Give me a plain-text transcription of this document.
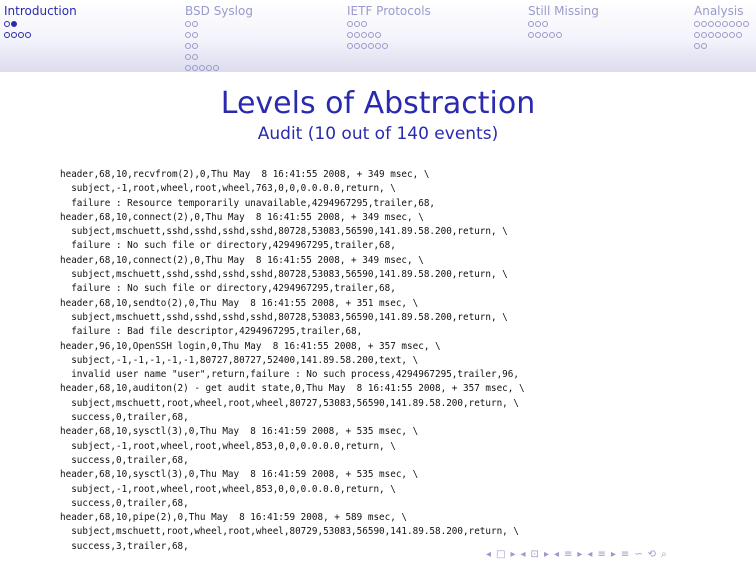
Introduction	BSD Syslog	IETF Protocols	Still Missing	Analysis
Levels of Abstraction
Audit (10 out of 140 events)
header,68,10,recvfrom(2),0,Thu May  8 16:41:55 2008, + 349 msec, \
subject,-1,root,wheel,root,wheel,763,0,0,0.0.0.0,return, \
failure : Resource temporarily unavailable,4294967295,trailer,68,
header,68,10,connect(2),0,Thu May  8 16:41:55 2008, + 349 msec, \
subject,mschuett,sshd,sshd,sshd,sshd,80728,53083,56590,141.89.58.200,return, \
failure : No such file or directory,4294967295,trailer,68,
header,68,10,connect(2),0,Thu May  8 16:41:55 2008, + 349 msec, \
subject,mschuett,sshd,sshd,sshd,sshd,80728,53083,56590,141.89.58.200,return, \
failure : No such file or directory,4294967295,trailer,68,
header,68,10,sendto(2),0,Thu May  8 16:41:55 2008, + 351 msec, \
subject,mschuett,sshd,sshd,sshd,sshd,80728,53083,56590,141.89.58.200,return, \
failure : Bad file descriptor,4294967295,trailer,68,
header,96,10,OpenSSH login,0,Thu May  8 16:41:55 2008, + 357 msec, \
subject,-1,-1,-1,-1,-1,80727,80727,52400,141.89.58.200,text, \
invalid user name "user",return,failure : No such process,4294967295,trailer,96,
header,68,10,auditon(2) - get audit state,0,Thu May  8 16:41:55 2008, + 357 msec, \
subject,mschuett,root,wheel,root,wheel,80727,53083,56590,141.89.58.200,return, \
success,0,trailer,68,
header,68,10,sysctl(3),0,Thu May  8 16:41:59 2008, + 535 msec, \
subject,-1,root,wheel,root,wheel,853,0,0,0.0.0.0,return, \
success,0,trailer,68,
header,68,10,sysctl(3),0,Thu May  8 16:41:59 2008, + 535 msec, \
subject,-1,root,wheel,root,wheel,853,0,0,0.0.0.0,return, \
success,0,trailer,68,
header,68,10,pipe(2),0,Thu May  8 16:41:59 2008, + 589 msec, \
subject,mschuett,root,wheel,root,wheel,80729,53083,56590,141.89.58.200,return, \
success,3,trailer,68,
◂ □ ▸ ◂ ⊡ ▸ ◂ ≡ ▸ ◂ ≡ ▸ ≡ ∽ ⟲ ⌕
